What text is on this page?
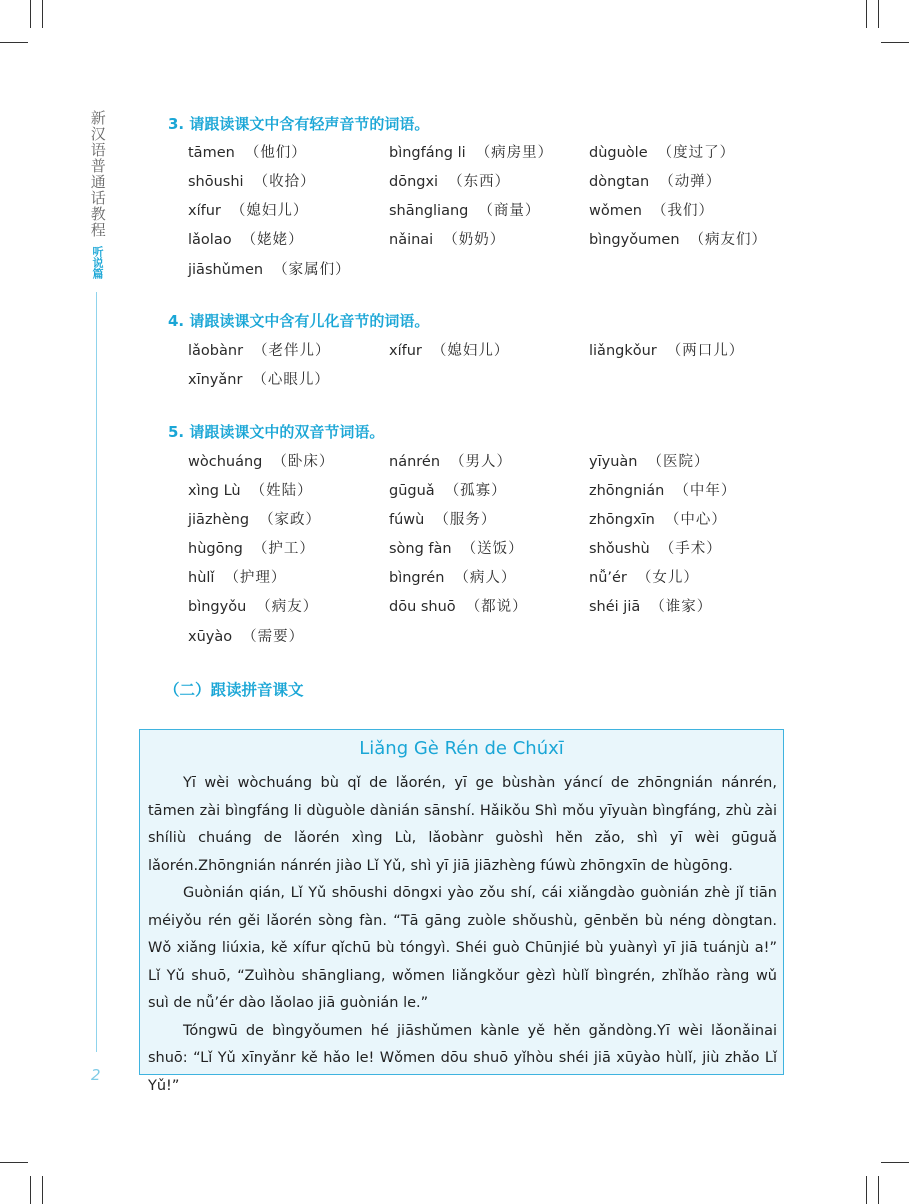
新汉语普通话教程
听说篇
2
3. 请跟读课文中含有轻声音节的词语。
tāmen （他们）	bìngfáng li （病房里） dùguòle （度过了）
shōushi （收拾）	dōngxi （东西）	dòngtan （动弹）
xífur （媳妇儿）	shāngliang （商量）	wǒmen （我们）
lǎolao （姥姥）	nǎinai （奶奶）	bìngyǒumen （病友们）
jiāshǔmen （家属们）
4. 请跟读课文中含有儿化音节的词语。
lǎobànr （老伴儿）	xífur （媳妇儿）	liǎngkǒur （两口儿）
xīnyǎnr （心眼儿）
5. 请跟读课文中的双音节词语。
wòchuáng （卧床）	nánrén （男人）	yīyuàn （医院）
xìng Lù （姓陆）	gūguǎ （孤寡）	zhōngnián （中年）
jiāzhèng （家政）	fúwù （服务）	zhōngxīn （中心）
hùgōng （护工）	sòng fàn （送饭）	shǒushù （手术）
hùlǐ （护理）	bìngrén （病人）	nǚ’ér （女儿）
bìngyǒu （病友）	dōu shuō （都说）	shéi jiā （谁家）
xūyào （需要）
（二）跟读拼音课文
Liǎng Gè Rén de Chúxī

Yī wèi wòchuáng bù qǐ de lǎorén, yī ge bùshàn yáncí de zhōngnián nánrén, tāmen zài bìngfáng li dùguòle dànián sānshí. Hǎikǒu Shì mǒu yīyuàn bìngfáng, zhù zài shíliù chuáng de lǎorén xìng Lù, lǎobànr guòshì hěn zǎo, shì yī wèi gūguǎ lǎorén.Zhōngnián nánrén jiào Lǐ Yǔ, shì yī jiā jiāzhèng fúwù zhōngxīn de hùgōng.

Guònián qián, Lǐ Yǔ shōushi dōngxi yào zǒu shí, cái xiǎngdào guònián zhè jǐ tiān méiyǒu rén gěi lǎorén sòng fàn. “Tā gāng zuòle shǒushù, gēnběn bù néng dòngtan. Wǒ xiǎng liúxia, kě xífur qǐchū bù tóngyì. Shéi guò Chūnjié bù yuànyì yī jiā tuánjù a!” Lǐ Yǔ shuō, “Zuìhòu shāngliang, wǒmen liǎngkǒur gèzì hùlǐ bìngrén, zhǐhǎo ràng wǔ suì de nǚ’ér dào lǎolao jiā guònián le.”

Tóngwū de bìngyǒumen hé jiāshǔmen kànle yě hěn gǎndòng.Yī wèi lǎonǎinai shuō: “Lǐ Yǔ xīnyǎnr kě hǎo le! Wǒmen dōu shuō yǐhòu shéi jiā xūyào hùlǐ, jiù zhǎo Lǐ Yǔ!”
